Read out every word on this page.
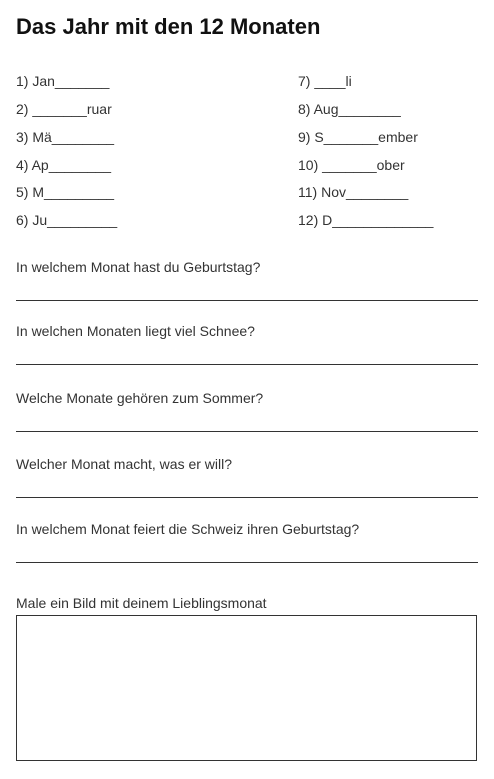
Das Jahr mit den 12 Monaten
1) Jan_______
2) _______ruar
3) Mä________
4) Ap________
5) M_________
6) Ju_________
7) ____li
8) Aug________
9) S_______ember
10) _______ober
11) Nov________
12) D_____________
In welchem Monat hast du Geburtstag?
In welchen Monaten liegt viel Schnee?
Welche Monate gehören zum Sommer?
Welcher Monat macht, was er will?
In welchem Monat feiert die Schweiz ihren Geburtstag?
Male ein Bild mit deinem Lieblingsmonat
